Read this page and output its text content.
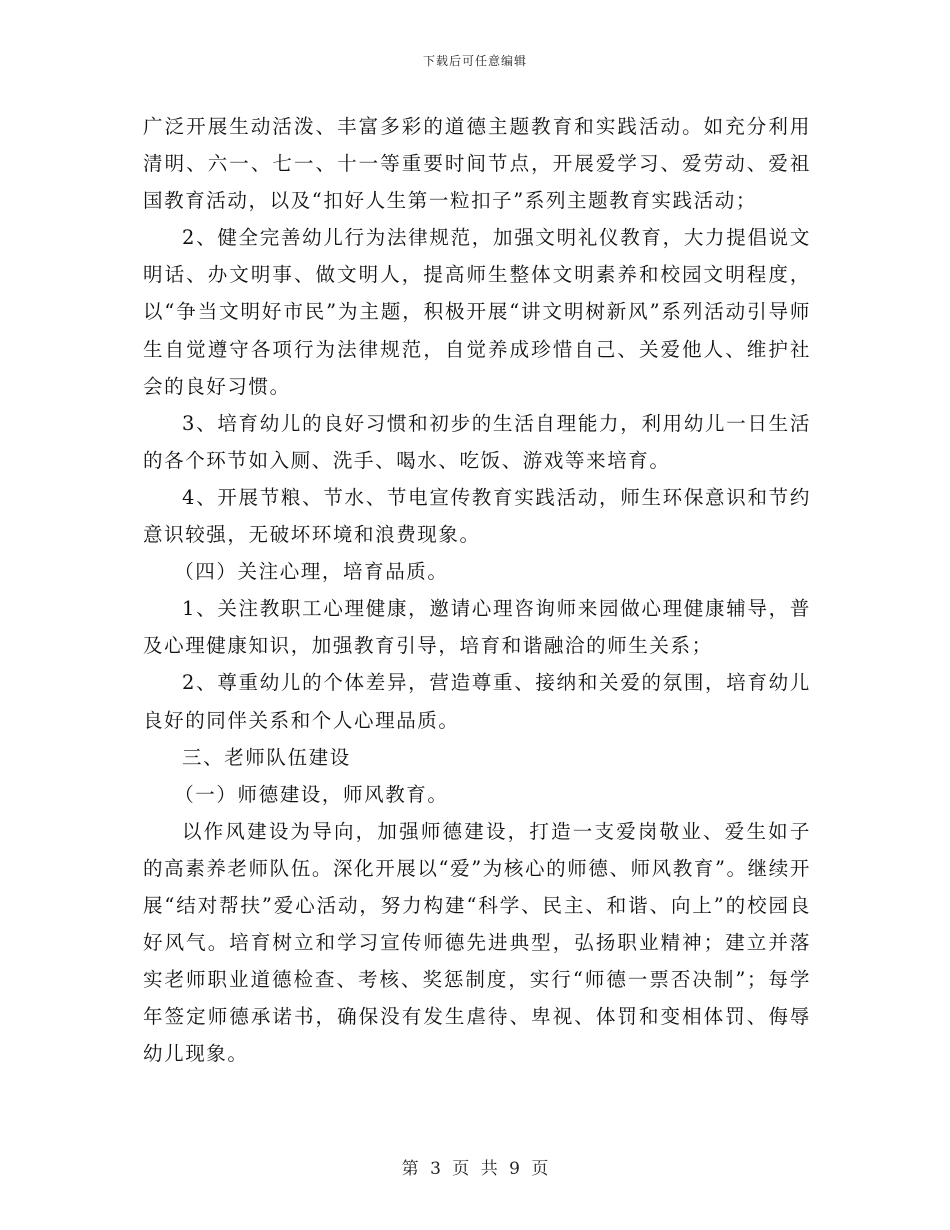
下载后可任意编辑

广泛开展生动活泼、丰富多彩的道德主题教育和实践活动。如充分利用清明、六一、七一、十一等重要时间节点，开展爱学习、爱劳动、爱祖国教育活动，以及“扣好人生第一粒扣子”系列主题教育实践活动；

2、健全完善幼儿行为法律规范，加强文明礼仪教育，大力提倡说文明话、办文明事、做文明人，提高师生整体文明素养和校园文明程度，以“争当文明好市民”为主题，积极开展“讲文明树新风”系列活动引导师生自觉遵守各项行为法律规范，自觉养成珍惜自己、关爱他人、维护社会的良好习惯。

3、培育幼儿的良好习惯和初步的生活自理能力，利用幼儿一日生活的各个环节如入厕、洗手、喝水、吃饭、游戏等来培育。

4、开展节粮、节水、节电宣传教育实践活动，师生环保意识和节约意识较强，无破坏环境和浪费现象。

（四）关注心理，培育品质。

1、关注教职工心理健康，邀请心理咨询师来园做心理健康辅导，普及心理健康知识，加强教育引导，培育和谐融洽的师生关系；

2、尊重幼儿的个体差异，营造尊重、接纳和关爱的氛围，培育幼儿良好的同伴关系和个人心理品质。

三、老师队伍建设

（一）师德建设，师风教育。

以作风建设为导向，加强师德建设，打造一支爱岗敬业、爱生如子的高素养老师队伍。深化开展以“爱”为核心的师德、师风教育”。继续开展“结对帮扶”爱心活动，努力构建“科学、民主、和谐、向上”的校园良好风气。培育树立和学习宣传师德先进典型，弘扬职业精神；建立并落实老师职业道德检查、考核、奖惩制度，实行“师德一票否决制”；每学年签定师德承诺书，确保没有发生虐待、卑视、体罚和变相体罚、侮辱幼儿现象。

第 3 页 共 9 页
